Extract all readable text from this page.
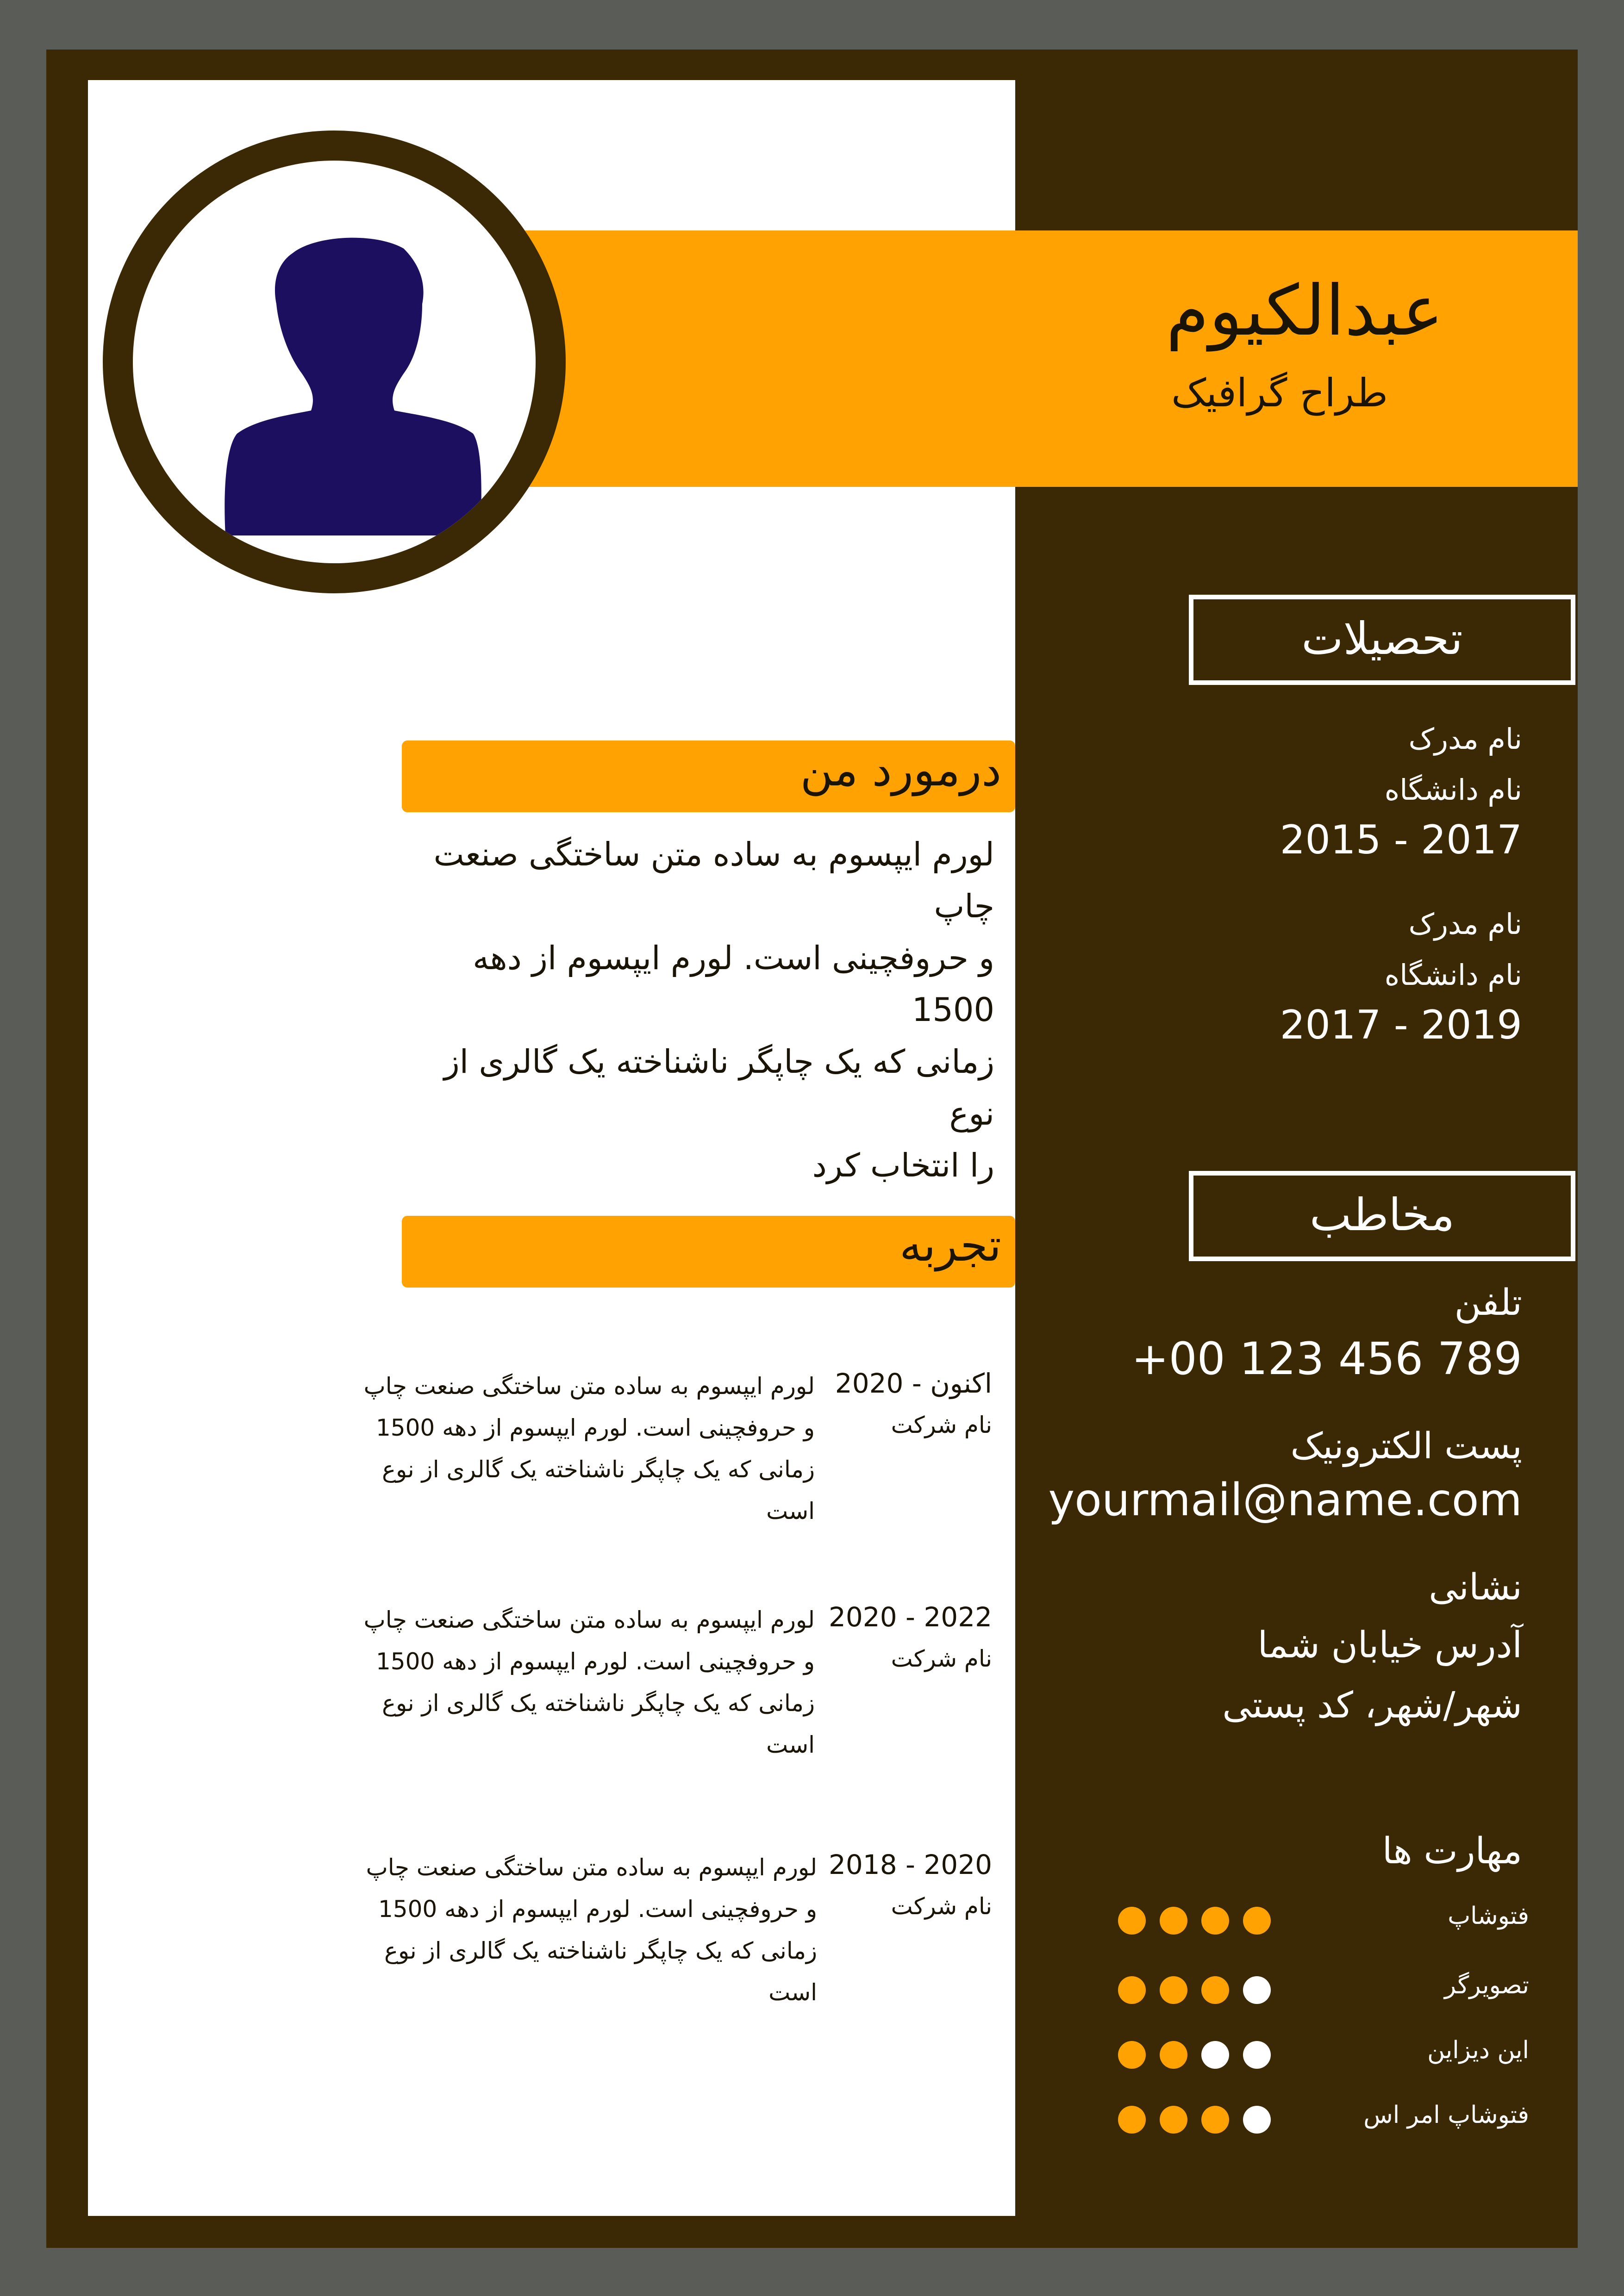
عبدالکیوم
طراح گرافیک
تحصیلات
نام مدرک
نام دانشگاه
2015 - 2017
نام مدرک
نام دانشگاه
2017 - 2019
مخاطب
تلفن
+00 123 456 789
پست الکترونیک
yourmail@name.com
نشانی
آدرس خیابان شما
شهر/شهر، کد پستی
مهارت ها
فتوشاپ
تصویرگر
این دیزاین
فتوشاپ امر اس
درمورد من
لورم ایپسوم به ساده متن ساختگی صنعت چاپ
و حروفچینی است. لورم ایپسوم از دهه 1500
زمانی که یک چاپگر ناشناخته یک گالری از نوع
را انتخاب کرد
تجربه
اکنون - 2020
نام شرکت
لورم ایپسوم به ساده متن ساختگی صنعت چاپ
و حروفچینی است. لورم ایپسوم از دهه 1500
زمانی که یک چاپگر ناشناخته یک گالری از نوع است
2020 - 2022
نام شرکت
لورم ایپسوم به ساده متن ساختگی صنعت چاپ
و حروفچینی است. لورم ایپسوم از دهه 1500
زمانی که یک چاپگر ناشناخته یک گالری از نوع است
2018 - 2020
نام شرکت
لورم ایپسوم به ساده متن ساختگی صنعت چاپ
و حروفچینی است. لورم ایپسوم از دهه 1500
زمانی که یک چاپگر ناشناخته یک گالری از نوع است
